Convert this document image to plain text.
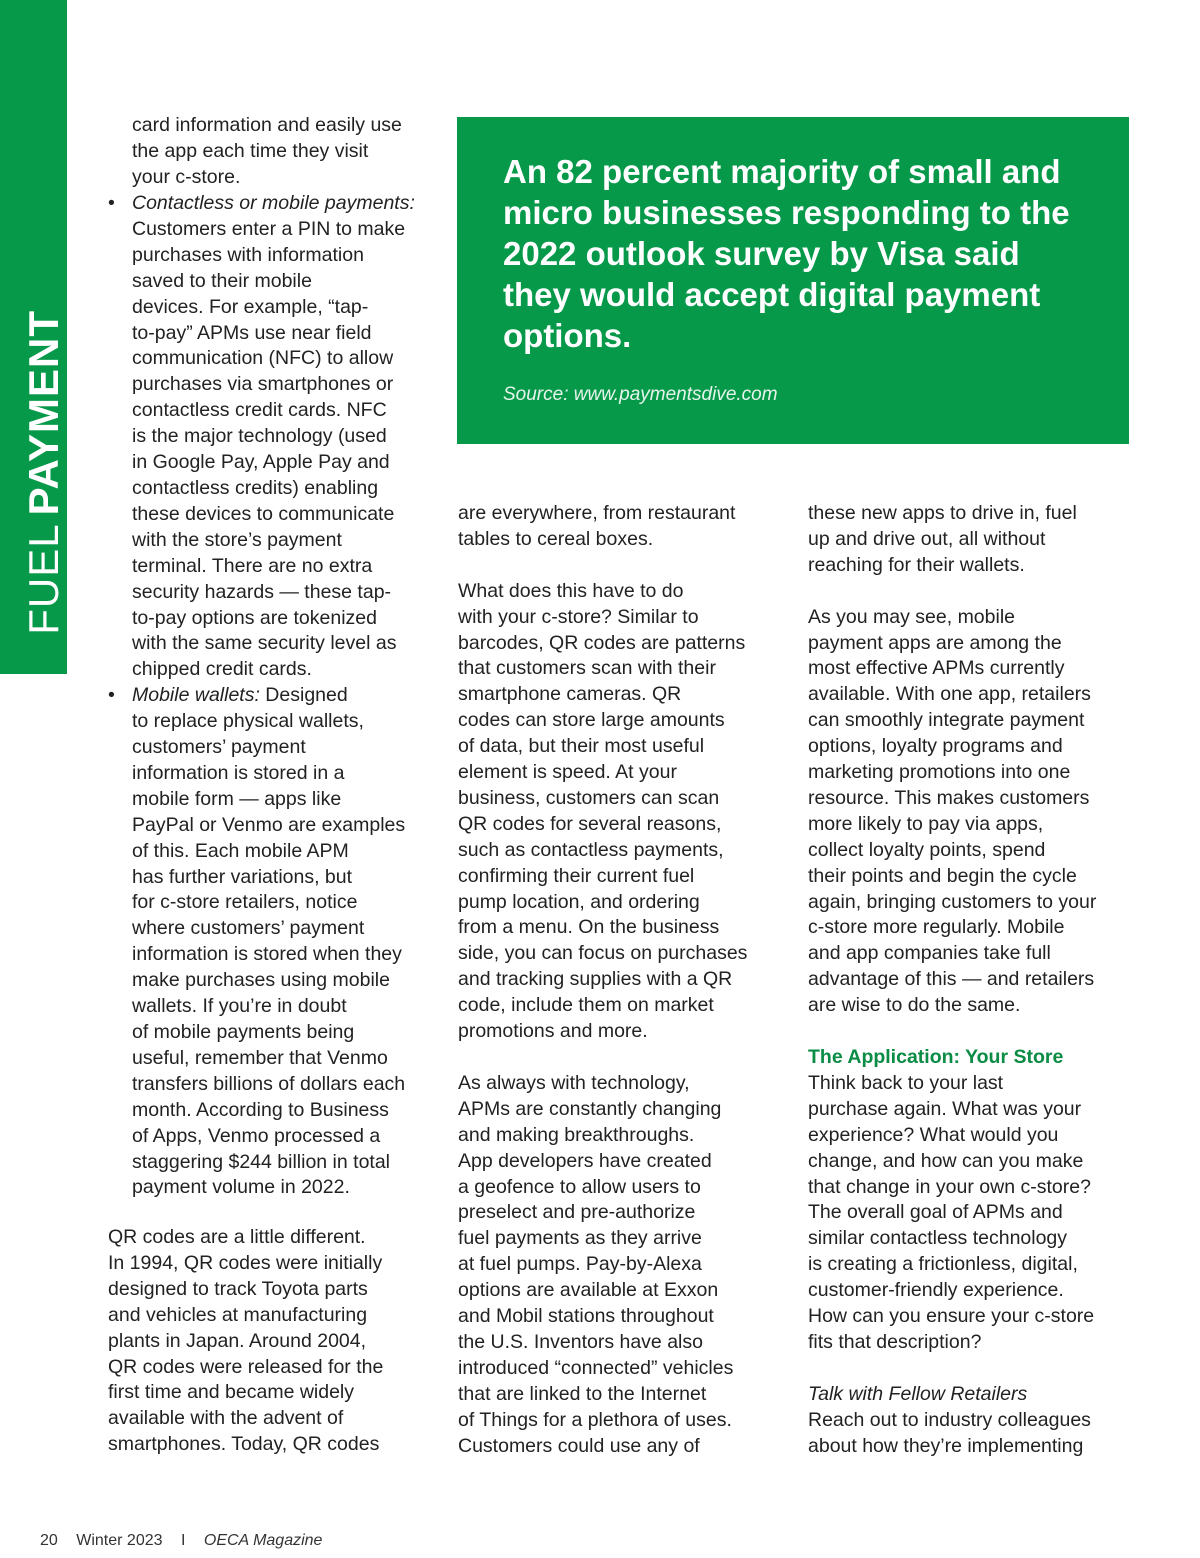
FUEL
PAYMENT
card information and easily use
the app each time they visit
your c-store.
• Contactless or mobile payments:
Customers enter a PIN to make
purchases with information
saved to their mobile
devices. For example, “tap-
to-pay” APMs use near field
communication (NFC) to allow
purchases via smartphones or
contactless credit cards. NFC
is the major technology (used
in Google Pay, Apple Pay and
contactless credits) enabling
these devices to communicate
with the store’s payment
terminal. There are no extra
security hazards — these tap-
to-pay options are tokenized
with the same security level as
chipped credit cards.
• Mobile wallets: Designed
to replace physical wallets,
customers’ payment
information is stored in a
mobile form — apps like
PayPal or Venmo are examples
of this. Each mobile APM
has further variations, but
for c-store retailers, notice
where customers’ payment
information is stored when they
make purchases using mobile
wallets. If you’re in doubt
of mobile payments being
useful, remember that Venmo
transfers billions of dollars each
month. According to Business
of Apps, Venmo processed a
staggering $244 billion in total
payment volume in 2022.
QR codes are a little different.
In 1994, QR codes were initially
designed to track Toyota parts
and vehicles at manufacturing
plants in Japan. Around 2004,
QR codes were released for the
first time and became widely
available with the advent of
smartphones. Today, QR codes

An 82 percent majority of small and micro businesses responding to the 2022 outlook survey by Visa said they would accept digital payment options.

Source: www.paymentsdive.com
are everywhere, from restaurant
tables to cereal boxes.
What does this have to do
with your c-store? Similar to
barcodes, QR codes are patterns
that customers scan with their
smartphone cameras. QR
codes can store large amounts
of data, but their most useful
element is speed. At your
business, customers can scan
QR codes for several reasons,
such as contactless payments,
confirming their current fuel
pump location, and ordering
from a menu. On the business
side, you can focus on purchases
and tracking supplies with a QR
code, include them on market
promotions and more.
As always with technology,
APMs are constantly changing
and making breakthroughs.
App developers have created
a geofence to allow users to
preselect and pre-authorize
fuel payments as they arrive
at fuel pumps. Pay-by-Alexa
options are available at Exxon
and Mobil stations throughout
the U.S. Inventors have also
introduced “connected” vehicles
that are linked to the Internet
of Things for a plethora of uses.
Customers could use any of
these new apps to drive in, fuel
up and drive out, all without
reaching for their wallets.
As you may see, mobile
payment apps are among the
most effective APMs currently
available. With one app, retailers
can smoothly integrate payment
options, loyalty programs and
marketing promotions into one
resource. This makes customers
more likely to pay via apps,
collect loyalty points, spend
their points and begin the cycle
again, bringing customers to your
c-store more regularly. Mobile
and app companies take full
advantage of this — and retailers
are wise to do the same.
The Application: Your Store
Think back to your last
purchase again. What was your
experience? What would you
change, and how can you make
that change in your own c-store?
The overall goal of APMs and
similar contactless technology
is creating a frictionless, digital,
customer-friendly experience.
How can you ensure your c-store
fits that description?
Talk with Fellow Retailers
Reach out to industry colleagues
about how they’re implementing
20 Winter 2023 I OECA Magazine
